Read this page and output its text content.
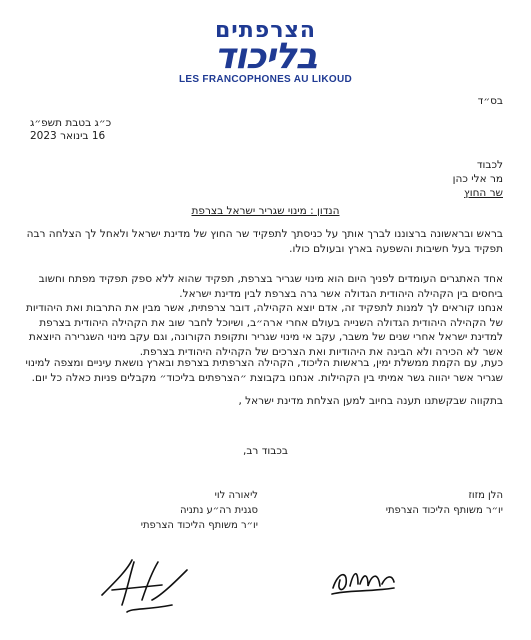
הצרפתים
בליכוד
LES FRANCOPHONES AU LIKOUD
בס״ד
כ״ג בטבת תשפ״ג
16 בינואר 2023
לכבוד
מר אלי כהן
שר החוץ
הנדון : מינוי שגריר ישראל בצרפת
בראש ובראשונה ברצוננו לברך אותך על כניסתך לתפקיד שר החוץ של מדינת ישראל ולאחל לך הצלחה רבה תפקיד בעל חשיבות והשפעה בארץ ובעולם כולו.
אחד האתגרים העומדים לפניך היום הוא מינוי שגריר בצרפת, תפקיד שהוא ללא ספק תפקיד מפתח וחשוב ביחסים בין הקהילה היהודית הגדולה אשר גרה בצרפת לבין מדינת ישראל.
אנחנו קוראים לך למנות לתפקיד זה, אדם יוצא הקהילה, דובר צרפתית, אשר מבין את התרבות ואת היהודיות של הקהילה היהודית הגדולה השנייה בעולם אחרי ארה״ב, ושיוכל לחבר שוב את הקהילה היהודית בצרפת למדינת ישראל אחרי שנים של משבר, עקב אי מינוי שגריר ותקופת הקורונה, וגם עקב מינוי השגרירה היוצאת אשר לא הכירה ולא הבינה את היהודיות ואת הצרכים של הקהילה היהודית בצרפת.
כעת, עם הקמת ממשלת ימין, בראשות הליכוד, הקהילה הצרפתית בצרפת ובארץ נושאת עיניים ומצפה למינוי שגריר אשר יהווה גשר אמיתי בין הקהילות. אנחנו בקבוצת ״הצרפתים בליכוד״ מקבלים פניות כאלה כל יום.
בתקווה שבקשתנו תענה בחיוב למען הצלחת מדינת ישראל ,
בכבוד רב,
הלן מזוז
יו״ר משותף הליכוד הצרפתי
ליאורה לוי
סגנית רה״ע נתניה
יו״ר משותף הליכוד הצרפתי
